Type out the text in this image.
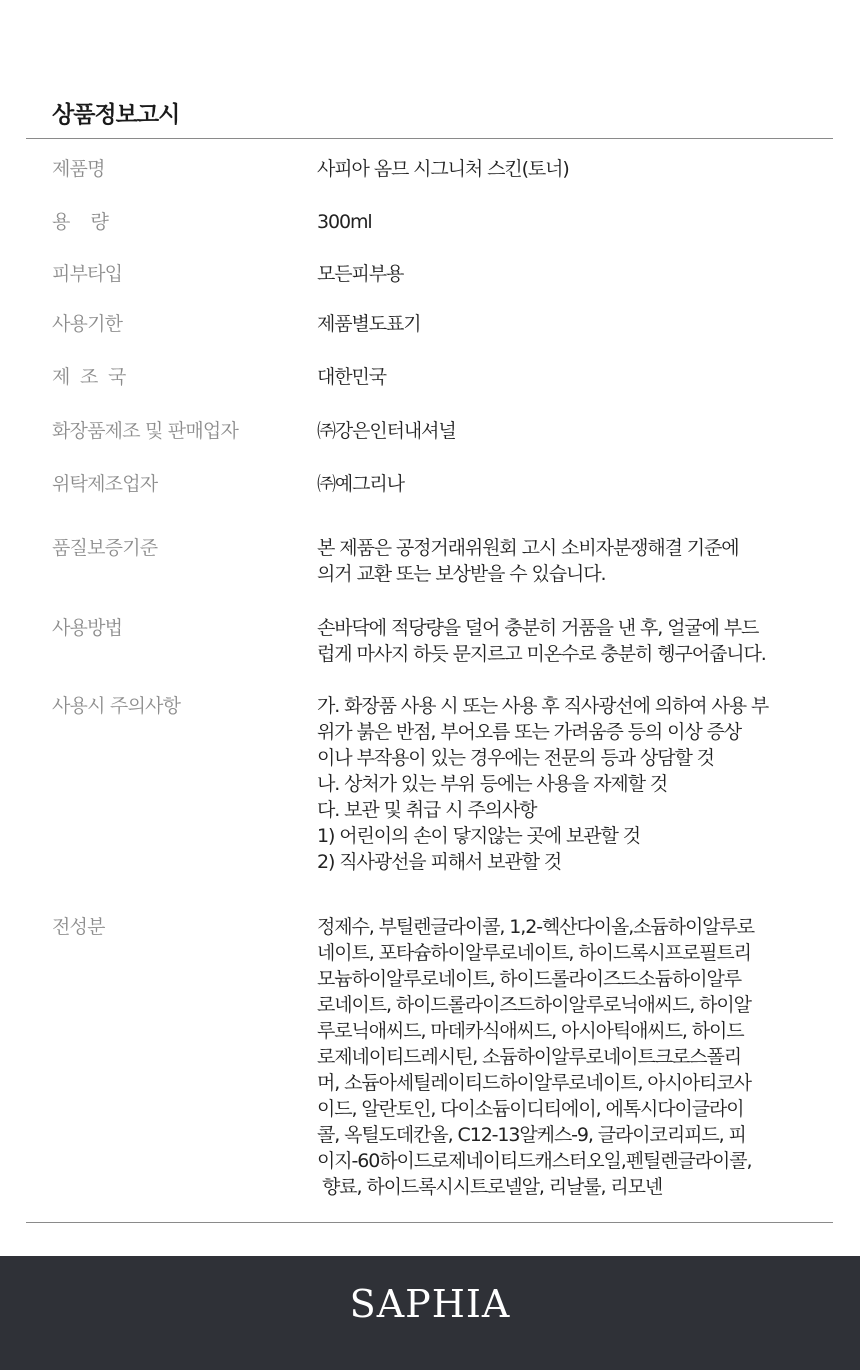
상품정보고시
제품명	사피아 옴므 시그니처 스킨(토너)
용    량	300ml
피부타입	모든피부용
사용기한	제품별도표기
제  조  국	대한민국
화장품제조 및 판매업자	㈜강은인터내셔널
위탁제조업자	㈜예그리나
품질보증기준	본 제품은 공정거래위원회 고시 소비자분쟁해결 기준에
의거 교환 또는 보상받을 수 있습니다.
사용방법	손바닥에 적당량을 덜어 충분히 거품을 낸 후, 얼굴에 부드
럽게 마사지 하듯 문지르고 미온수로 충분히 헹구어줍니다.
사용시 주의사항	가. 화장품 사용 시 또는 사용 후 직사광선에 의하여 사용 부
위가 붉은 반점, 부어오름 또는 가려움증 등의 이상 증상
이나 부작용이 있는 경우에는 전문의 등과 상담할 것
나. 상처가 있는 부위 등에는 사용을 자제할 것
다. 보관 및 취급 시 주의사항
1) 어린이의 손이 닿지않는 곳에 보관할 것
2) 직사광선을 피해서 보관할 것
전성분	정제수, 부틸렌글라이콜, 1,2-헥산다이올,소듐하이알루로
네이트, 포타슘하이알루로네이트, 하이드록시프로필트리
모늄하이알루로네이트, 하이드롤라이즈드소듐하이알루
로네이트, 하이드롤라이즈드하이알루로닉애씨드, 하이알
루로닉애씨드, 마데카식애씨드, 아시아틱애씨드, 하이드
로제네이티드레시틴, 소듐하이알루로네이트크로스폴리
머, 소듐아세틸레이티드하이알루로네이트, 아시아티코사
이드, 알란토인, 다이소듐이디티에이, 에톡시다이글라이
콜, 옥틸도데칸올, C12-13알케스-9, 글라이코리피드, 피
이지-60하이드로제네이티드캐스터오일,펜틸렌글라이콜,
향료, 하이드록시시트로넬알, 리날룰, 리모넨
SAPHIA
